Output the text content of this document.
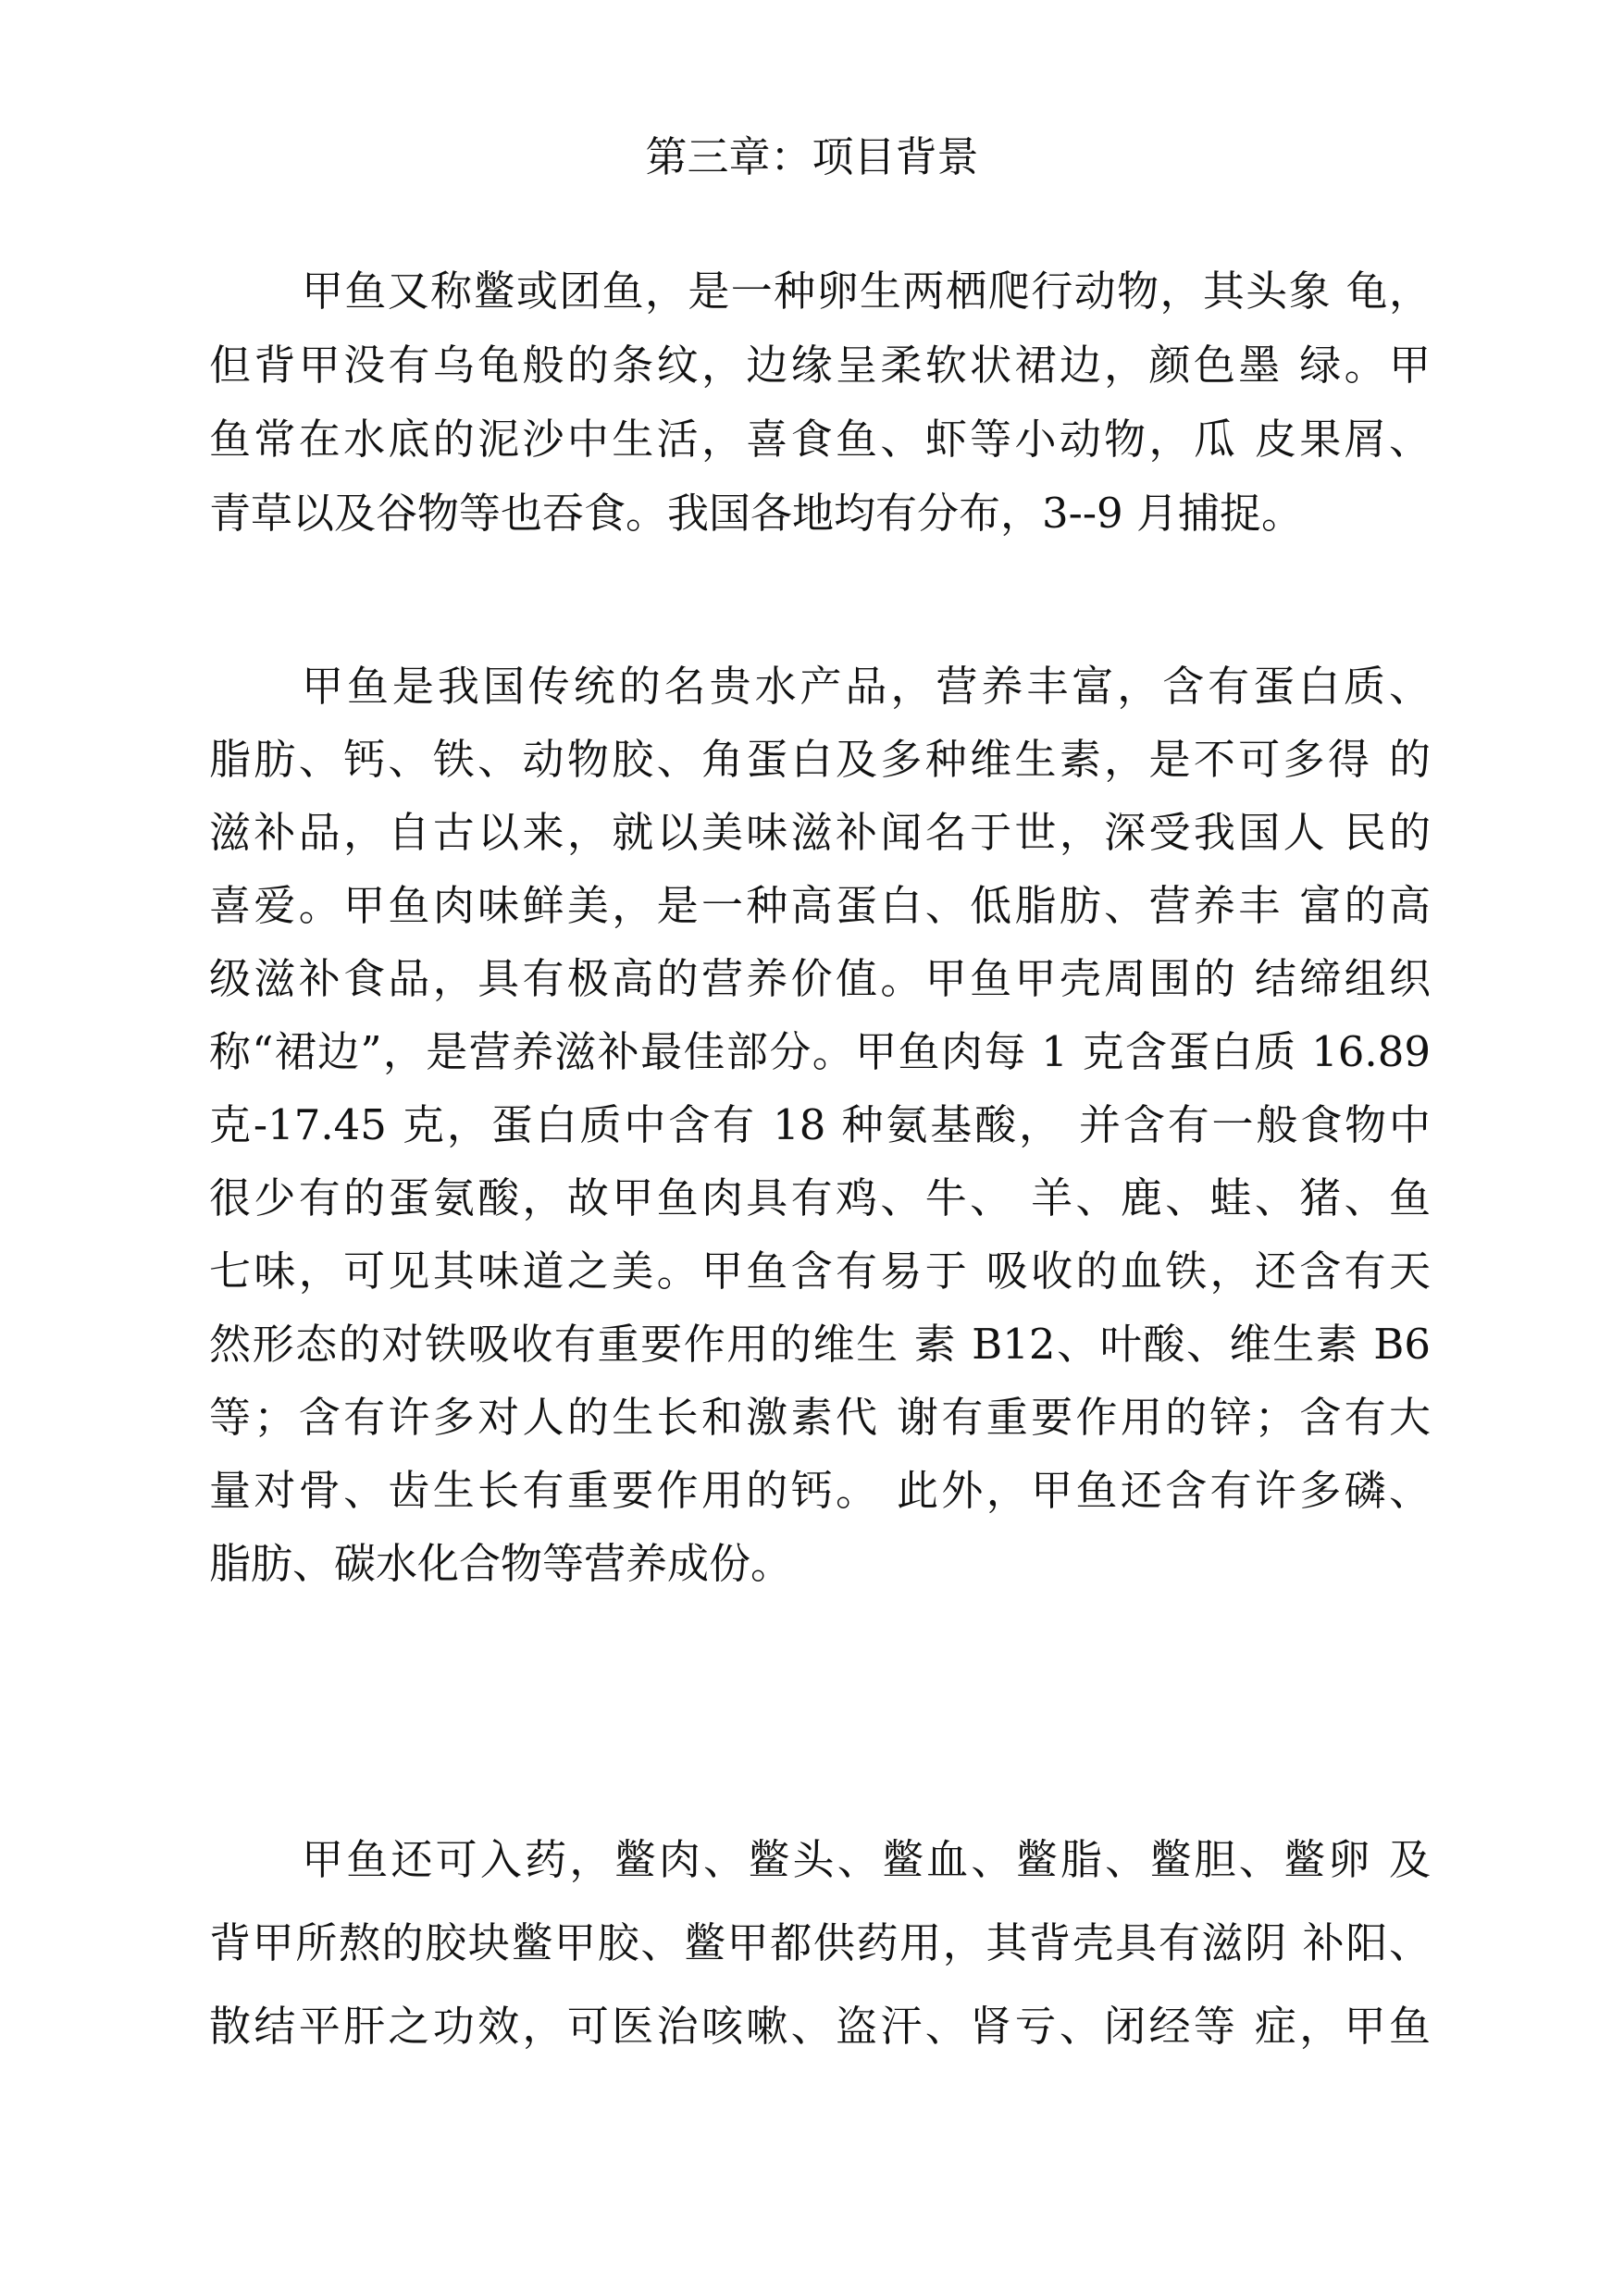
第三章：项目背景
甲鱼又称鳖或团鱼，是一种卵生两栖爬行动物，其头象 龟，
但背甲没有乌龟般的条纹，边缘呈柔软状裙边，颜色墨 绿。甲
鱼常在水底的泥沙中生活，喜食鱼、虾等小动物，瓜 皮果屑、
青草以及谷物等也吞食。我国各地均有分布，3--9 月捕捉。
甲鱼是我国传统的名贵水产品，营养丰富，含有蛋白质、
脂肪、钙、铁、动物胶、角蛋白及多种维生素，是不可多得 的
滋补品，自古以来，就以美味滋补闻名于世，深受我国人 民的
喜爱。甲鱼肉味鲜美，是一种高蛋白、低脂肪、营养丰 富的高
级滋补食品，具有极高的营养价值。甲鱼甲壳周围的 结缔组织
称“裙边”，是营养滋补最佳部分。甲鱼肉每 1 克含蛋白质 16.89
克-17.45 克，蛋白质中含有 18 种氨基酸， 并含有一般食物中
很少有的蛋氨酸，故甲鱼肉具有鸡、牛、 羊、鹿、蛙、猪、鱼
七味，可见其味道之美。甲鱼含有易于 吸收的血铁，还含有天
然形态的对铁吸收有重要作用的维生 素 B12、叶酸、维生素 B6
等；含有许多对人的生长和激素代 谢有重要作用的锌；含有大
量对骨、齿生长有重要作用的钙。 此外，甲鱼还含有许多磷、
脂肪、碳水化合物等营养成份。
甲鱼还可入药，鳖肉、鳖头、鳖血、鳖脂、鳖胆、鳖卵 及
背甲所熬的胶块鳖甲胶、鳖甲都供药用，其背壳具有滋阴 补阳、
散结平肝之功效，可医治咳嗽、盗汗、肾亏、闭经等 症，甲鱼
